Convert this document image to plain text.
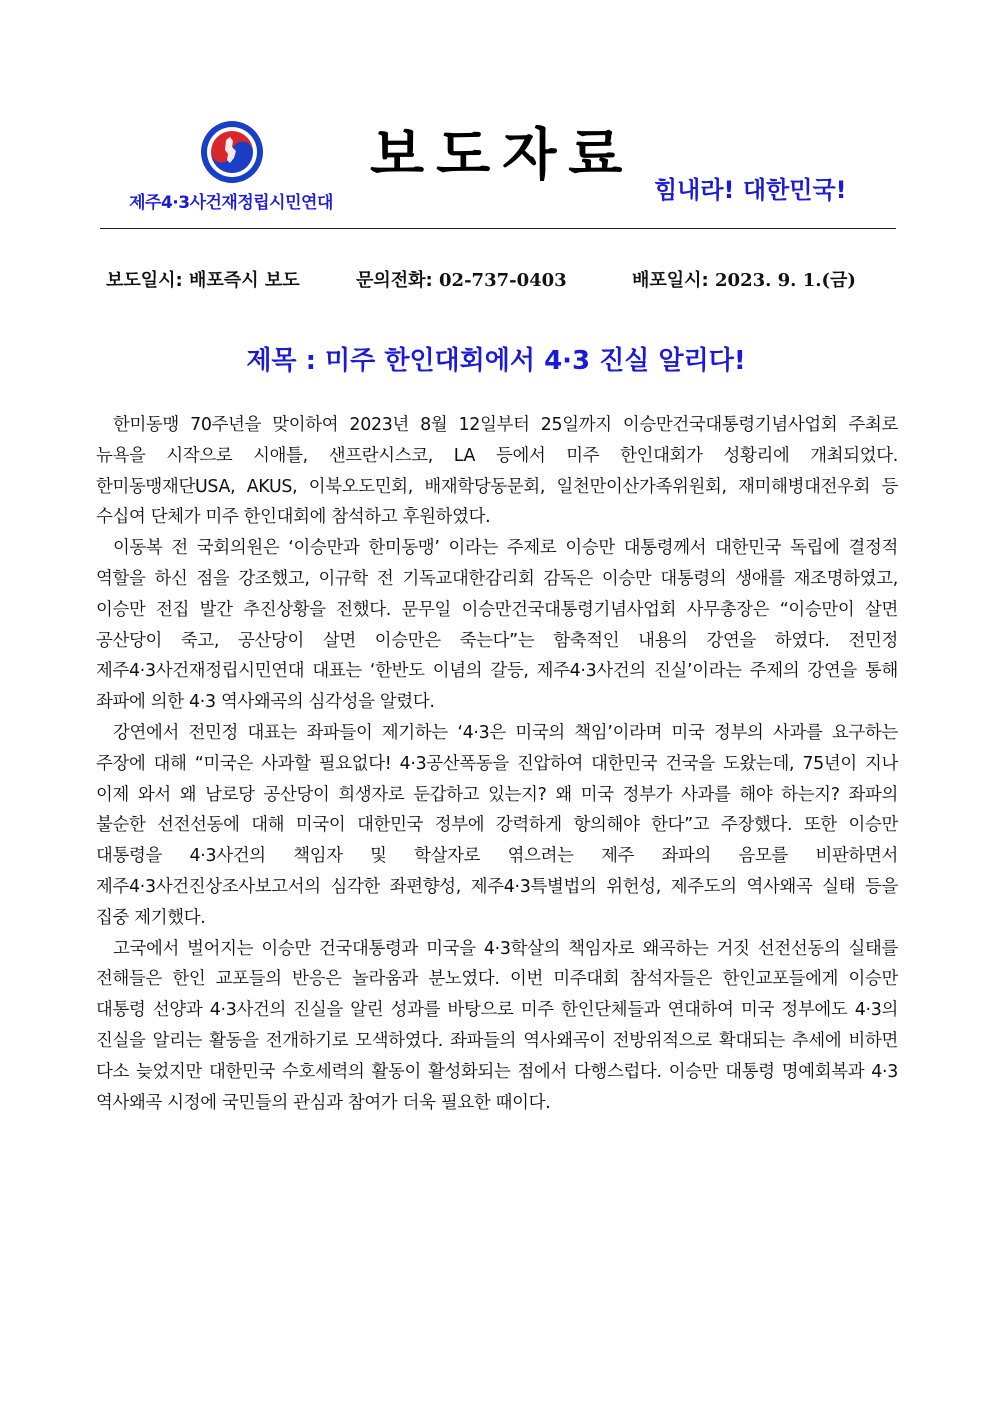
제주4·3사건재정립시민연대
보도자료
힘내라! 대한민국!
보도일시: 배포즉시 보도	문의전화: 02-737-0403	배포일시: 2023. 9. 1.(금)
제목 : 미주 한인대회에서 4·3 진실 알리다!

한미동맹 70주년을 맞이하여 2023년 8월 12일부터 25일까지 이승만건국대통령기념사업회 주최로 뉴욕을 시작으로 시애틀, 샌프란시스코, LA 등에서 미주 한인대회가 성황리에 개최되었다. 한미동맹재단USA, AKUS, 이북오도민회, 배재학당동문회, 일천만이산가족위원회, 재미해병대전우회 등 수십여 단체가 미주 한인대회에 참석하고 후원하였다.

이동복 전 국회의원은 ‘이승만과 한미동맹’ 이라는 주제로 이승만 대통령께서 대한민국 독립에 결정적 역할을 하신 점을 강조했고, 이규학 전 기독교대한감리회 감독은 이승만 대통령의 생애를 재조명하였고, 이승만 전집 발간 추진상황을 전했다. 문무일 이승만건국대통령기념사업회 사무총장은 “이승만이 살면 공산당이 죽고, 공산당이 살면 이승만은 죽는다”는 함축적인 내용의 강연을 하였다. 전민정 제주4·3사건재정립시민연대 대표는 ‘한반도 이념의 갈등, 제주4·3사건의 진실’이라는 주제의 강연을 통해 좌파에 의한 4·3 역사왜곡의 심각성을 알렸다.

강연에서 전민정 대표는 좌파들이 제기하는 ‘4·3은 미국의 책임’이라며 미국 정부의 사과를 요구하는 주장에 대해 “미국은 사과할 필요없다! 4·3공산폭동을 진압하여 대한민국 건국을 도왔는데, 75년이 지나 이제 와서 왜 남로당 공산당이 희생자로 둔갑하고 있는지? 왜 미국 정부가 사과를 해야 하는지? 좌파의 불순한 선전선동에 대해 미국이 대한민국 정부에 강력하게 항의해야 한다”고 주장했다. 또한 이승만 대통령을 4·3사건의 책임자 및 학살자로 엮으려는 제주 좌파의 음모를 비판하면서 제주4·3사건진상조사보고서의 심각한 좌편향성, 제주4·3특별법의 위헌성, 제주도의 역사왜곡 실태 등을 집중 제기했다.

고국에서 벌어지는 이승만 건국대통령과 미국을 4·3학살의 책임자로 왜곡하는 거짓 선전선동의 실태를 전해들은 한인 교포들의 반응은 놀라움과 분노였다. 이번 미주대회 참석자들은 한인교포들에게 이승만 대통령 선양과 4·3사건의 진실을 알린 성과를 바탕으로 미주 한인단체들과 연대하여 미국 정부에도 4·3의 진실을 알리는 활동을 전개하기로 모색하였다. 좌파들의 역사왜곡이 전방위적으로 확대되는 추세에 비하면 다소 늦었지만 대한민국 수호세력의 활동이 활성화되는 점에서 다행스럽다. 이승만 대통령 명예회복과 4·3 역사왜곡 시정에 국민들의 관심과 참여가 더욱 필요한 때이다.
